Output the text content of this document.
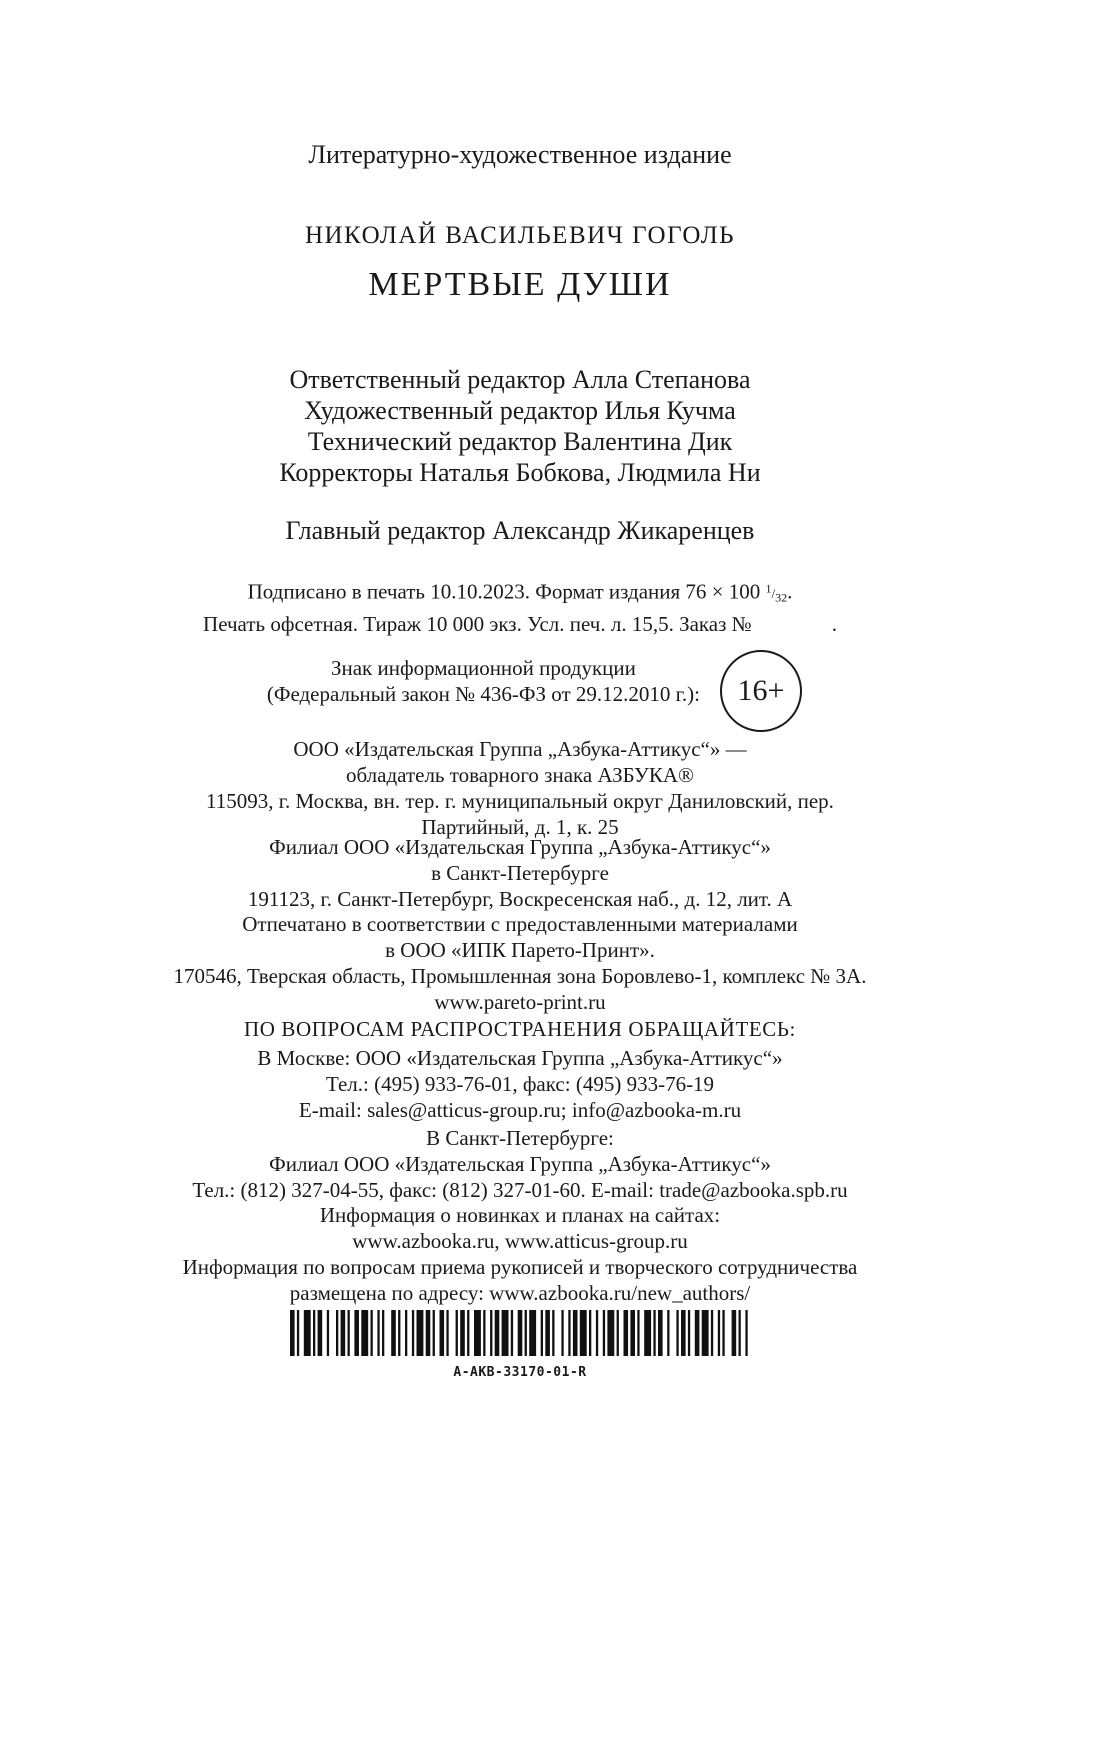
Литературно-художественное издание
НИКОЛАЙ ВАСИЛЬЕВИЧ ГОГОЛЬ
МЕРТВЫЕ ДУШИ
Ответственный редактор Алла Степанова
Художественный редактор Илья Кучма
Технический редактор Валентина Дик
Корректоры Наталья Бобкова, Людмила Ни
Главный редактор Александр Жикаренцев
Подписано в печать 10.10.2023. Формат издания 76 × 100 $^1/_{32}$.
Печать офсетная. Тираж 10 000 экз. Усл. печ. л. 15,5. Заказ №	.
Знак информационной продукции
(Федеральный закон № 436-ФЗ от 29.12.2010 г.):	16+
ООО «Издательская Группа „Азбука-Аттикус“» —
обладатель товарного знака АЗБУКА®
115093, г. Москва, вн. тер. г. муниципальный округ Даниловский, пер.
Партийный, д. 1, к. 25
Филиал ООО «Издательская Группа „Азбука-Аттикус“»
в Санкт-Петербурге
191123, г. Санкт-Петербург, Воскресенская наб., д. 12, лит. А
Отпечатано в соответствии с предоставленными материалами
в ООО «ИПК Парето-Принт».
170546, Тверская область, Промышленная зона Боровлево-1, комплекс № 3А.
www.pareto-print.ru
ПО ВОПРОСАМ РАСПРОСТРАНЕНИЯ ОБРАЩАЙТЕСЬ:
В Москве: ООО «Издательская Группа „Азбука-Аттикус“»
Тел.: (495) 933-76-01, факс: (495) 933-76-19
E-mail: sales@atticus-group.ru; info@azbooka-m.ru
В Санкт-Петербурге:
Филиал ООО «Издательская Группа „Азбука-Аттикус“»
Тел.: (812) 327-04-55, факс: (812) 327-01-60. E-mail: trade@azbooka.spb.ru
Информация о новинках и планах на сайтах:
www.azbooka.ru, www.atticus-group.ru
Информация по вопросам приема рукописей и творческого сотрудничества
размещена по адресу: www.azbooka.ru/new_authors/
A-AKB-33170-01-R
